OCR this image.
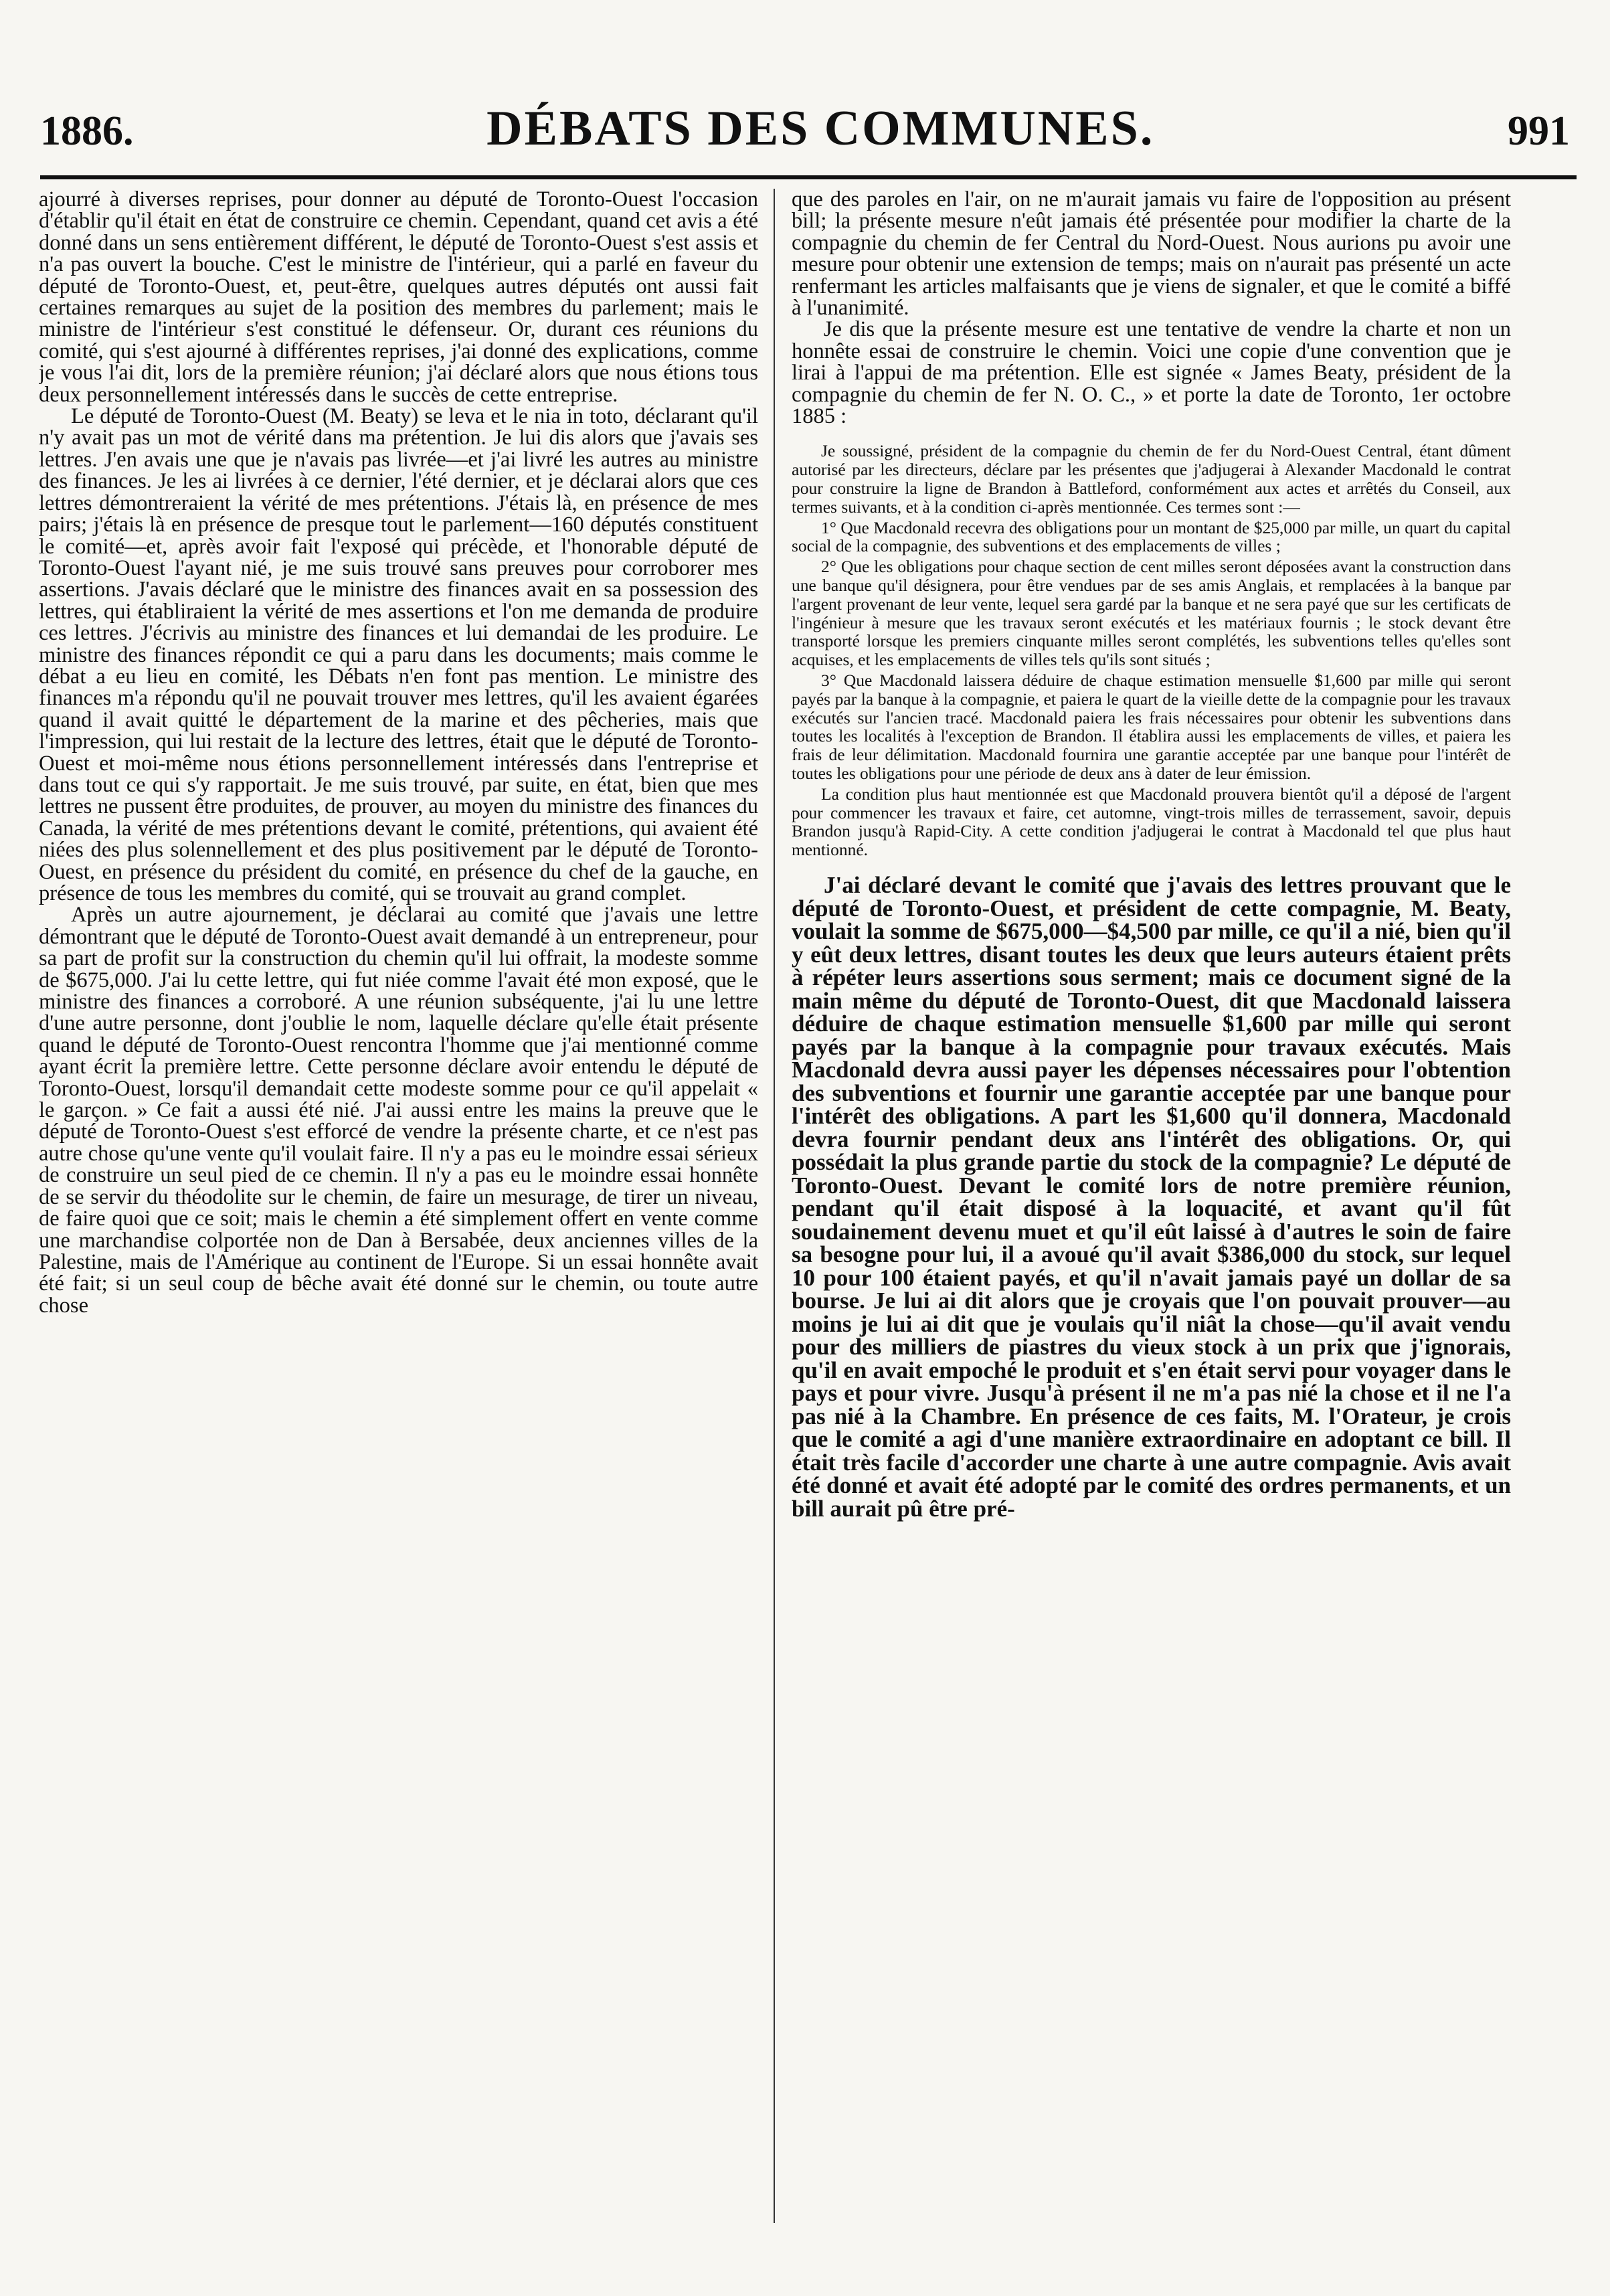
1886.	DÉBATS DES COMMUNES.	991

ajourré à diverses reprises, pour donner au député de Toronto-Ouest l'occasion d'établir qu'il était en état de construire ce chemin. Cependant, quand cet avis a été donné dans un sens entièrement différent, le député de Toronto-Ouest s'est assis et n'a pas ouvert la bouche. C'est le ministre de l'intérieur, qui a parlé en faveur du député de Toronto-Ouest, et, peut-être, quelques autres députés ont aussi fait certaines remarques au sujet de la position des membres du parlement; mais le ministre de l'intérieur s'est constitué le défenseur. Or, durant ces réunions du comité, qui s'est ajourné à différentes reprises, j'ai donné des explications, comme je vous l'ai dit, lors de la première réunion; j'ai déclaré alors que nous étions tous deux personnellement intéressés dans le succès de cette entreprise.

Le député de Toronto-Ouest (M. Beaty) se leva et le nia in toto, déclarant qu'il n'y avait pas un mot de vérité dans ma prétention. Je lui dis alors que j'avais ses lettres. J'en avais une que je n'avais pas livrée—et j'ai livré les autres au ministre des finances. Je les ai livrées à ce dernier, l'été dernier, et je déclarai alors que ces lettres démontreraient la vérité de mes prétentions. J'étais là, en présence de mes pairs; j'étais là en présence de presque tout le parlement—160 députés constituent le comité—et, après avoir fait l'exposé qui précède, et l'honorable député de Toronto-Ouest l'ayant nié, je me suis trouvé sans preuves pour corroborer mes assertions. J'avais déclaré que le ministre des finances avait en sa possession des lettres, qui établiraient la vérité de mes assertions et l'on me demanda de produire ces lettres. J'écrivis au ministre des finances et lui demandai de les produire. Le ministre des finances répondit ce qui a paru dans les documents; mais comme le débat a eu lieu en comité, les Débats n'en font pas mention. Le ministre des finances m'a répondu qu'il ne pouvait trouver mes lettres, qu'il les avaient égarées quand il avait quitté le département de la marine et des pêcheries, mais que l'impression, qui lui restait de la lecture des lettres, était que le député de Toronto-Ouest et moi-même nous étions personnellement intéressés dans l'entreprise et dans tout ce qui s'y rapportait. Je me suis trouvé, par suite, en état, bien que mes lettres ne pussent être produites, de prouver, au moyen du ministre des finances du Canada, la vérité de mes prétentions devant le comité, prétentions, qui avaient été niées des plus solennellement et des plus positivement par le député de Toronto-Ouest, en présence du président du comité, en présence du chef de la gauche, en présence de tous les membres du comité, qui se trouvait au grand complet.

Après un autre ajournement, je déclarai au comité que j'avais une lettre démontrant que le député de Toronto-Ouest avait demandé à un entrepreneur, pour sa part de profit sur la construction du chemin qu'il lui offrait, la modeste somme de $675,000. J'ai lu cette lettre, qui fut niée comme l'avait été mon exposé, que le ministre des finances a corroboré. A une réunion subséquente, j'ai lu une lettre d'une autre personne, dont j'oublie le nom, laquelle déclare qu'elle était présente quand le député de Toronto-Ouest rencontra l'homme que j'ai mentionné comme ayant écrit la première lettre. Cette personne déclare avoir entendu le député de Toronto-Ouest, lorsqu'il demandait cette modeste somme pour ce qu'il appelait « le garçon. » Ce fait a aussi été nié. J'ai aussi entre les mains la preuve que le député de Toronto-Ouest s'est efforcé de vendre la présente charte, et ce n'est pas autre chose qu'une vente qu'il voulait faire. Il n'y a pas eu le moindre essai sérieux de construire un seul pied de ce chemin. Il n'y a pas eu le moindre essai honnête de se servir du théodolite sur le chemin, de faire un mesurage, de tirer un niveau, de faire quoi que ce soit; mais le chemin a été simplement offert en vente comme une marchandise colportée non de Dan à Bersabée, deux anciennes villes de la Palestine, mais de l'Amérique au continent de l'Europe. Si un essai honnête avait été fait; si un seul coup de bêche avait été donné sur le chemin, ou toute autre chose

que des paroles en l'air, on ne m'aurait jamais vu faire de l'opposition au présent bill; la présente mesure n'eût jamais été présentée pour modifier la charte de la compagnie du chemin de fer Central du Nord-Ouest. Nous aurions pu avoir une mesure pour obtenir une extension de temps; mais on n'aurait pas présenté un acte renfermant les articles malfaisants que je viens de signaler, et que le comité a biffé à l'unanimité.

Je dis que la présente mesure est une tentative de vendre la charte et non un honnête essai de construire le chemin. Voici une copie d'une convention que je lirai à l'appui de ma prétention. Elle est signée « James Beaty, président de la compagnie du chemin de fer N. O. C., » et porte la date de Toronto, 1er octobre 1885 :

Je soussigné, président de la compagnie du chemin de fer du Nord-Ouest Central, étant dûment autorisé par les directeurs, déclare par les présentes que j'adjugerai à Alexander Macdonald le contrat pour construire la ligne de Brandon à Battleford, conformément aux actes et arrêtés du Conseil, aux termes suivants, et à la condition ci-après mentionnée. Ces termes sont :—

1° Que Macdonald recevra des obligations pour un montant de $25,000 par mille, un quart du capital social de la compagnie, des subventions et des emplacements de villes ;

2° Que les obligations pour chaque section de cent milles seront déposées avant la construction dans une banque qu'il désignera, pour être vendues par de ses amis Anglais, et remplacées à la banque par l'argent provenant de leur vente, lequel sera gardé par la banque et ne sera payé que sur les certificats de l'ingénieur à mesure que les travaux seront exécutés et les matériaux fournis ; le stock devant être transporté lorsque les premiers cinquante milles seront complétés, les subventions telles qu'elles sont acquises, et les emplacements de villes tels qu'ils sont situés ;

3° Que Macdonald laissera déduire de chaque estimation mensuelle $1,600 par mille qui seront payés par la banque à la compagnie, et paiera le quart de la vieille dette de la compagnie pour les travaux exécutés sur l'ancien tracé. Macdonald paiera les frais nécessaires pour obtenir les subventions dans toutes les localités à l'exception de Brandon. Il établira aussi les emplacements de villes, et paiera les frais de leur délimitation. Macdonald fournira une garantie acceptée par une banque pour l'intérêt de toutes les obligations pour une période de deux ans à dater de leur émission.

La condition plus haut mentionnée est que Macdonald prouvera bientôt qu'il a déposé de l'argent pour commencer les travaux et faire, cet automne, vingt-trois milles de terrassement, savoir, depuis Brandon jusqu'à Rapid-City. A cette condition j'adjugerai le contrat à Macdonald tel que plus haut mentionné.

J'ai déclaré devant le comité que j'avais des lettres prouvant que le député de Toronto-Ouest, et président de cette compagnie, M. Beaty, voulait la somme de $675,000—$4,500 par mille, ce qu'il a nié, bien qu'il y eût deux lettres, disant toutes les deux que leurs auteurs étaient prêts à répéter leurs assertions sous serment; mais ce document signé de la main même du député de Toronto-Ouest, dit que Macdonald laissera déduire de chaque estimation mensuelle $1,600 par mille qui seront payés par la banque à la compagnie pour travaux exécutés. Mais Macdonald devra aussi payer les dépenses nécessaires pour l'obtention des subventions et fournir une garantie acceptée par une banque pour l'intérêt des obligations. A part les $1,600 qu'il donnera, Macdonald devra fournir pendant deux ans l'intérêt des obligations. Or, qui possédait la plus grande partie du stock de la compagnie? Le député de Toronto-Ouest. Devant le comité lors de notre première réunion, pendant qu'il était disposé à la loquacité, et avant qu'il fût soudainement devenu muet et qu'il eût laissé à d'autres le soin de faire sa besogne pour lui, il a avoué qu'il avait $386,000 du stock, sur lequel 10 pour 100 étaient payés, et qu'il n'avait jamais payé un dollar de sa bourse. Je lui ai dit alors que je croyais que l'on pouvait prouver—au moins je lui ai dit que je voulais qu'il niât la chose—qu'il avait vendu pour des milliers de piastres du vieux stock à un prix que j'ignorais, qu'il en avait empoché le produit et s'en était servi pour voyager dans le pays et pour vivre. Jusqu'à présent il ne m'a pas nié la chose et il ne l'a pas nié à la Chambre. En présence de ces faits, M. l'Orateur, je crois que le comité a agi d'une manière extraordinaire en adoptant ce bill. Il était très facile d'accorder une charte à une autre compagnie. Avis avait été donné et avait été adopté par le comité des ordres permanents, et un bill aurait pû être pré-
